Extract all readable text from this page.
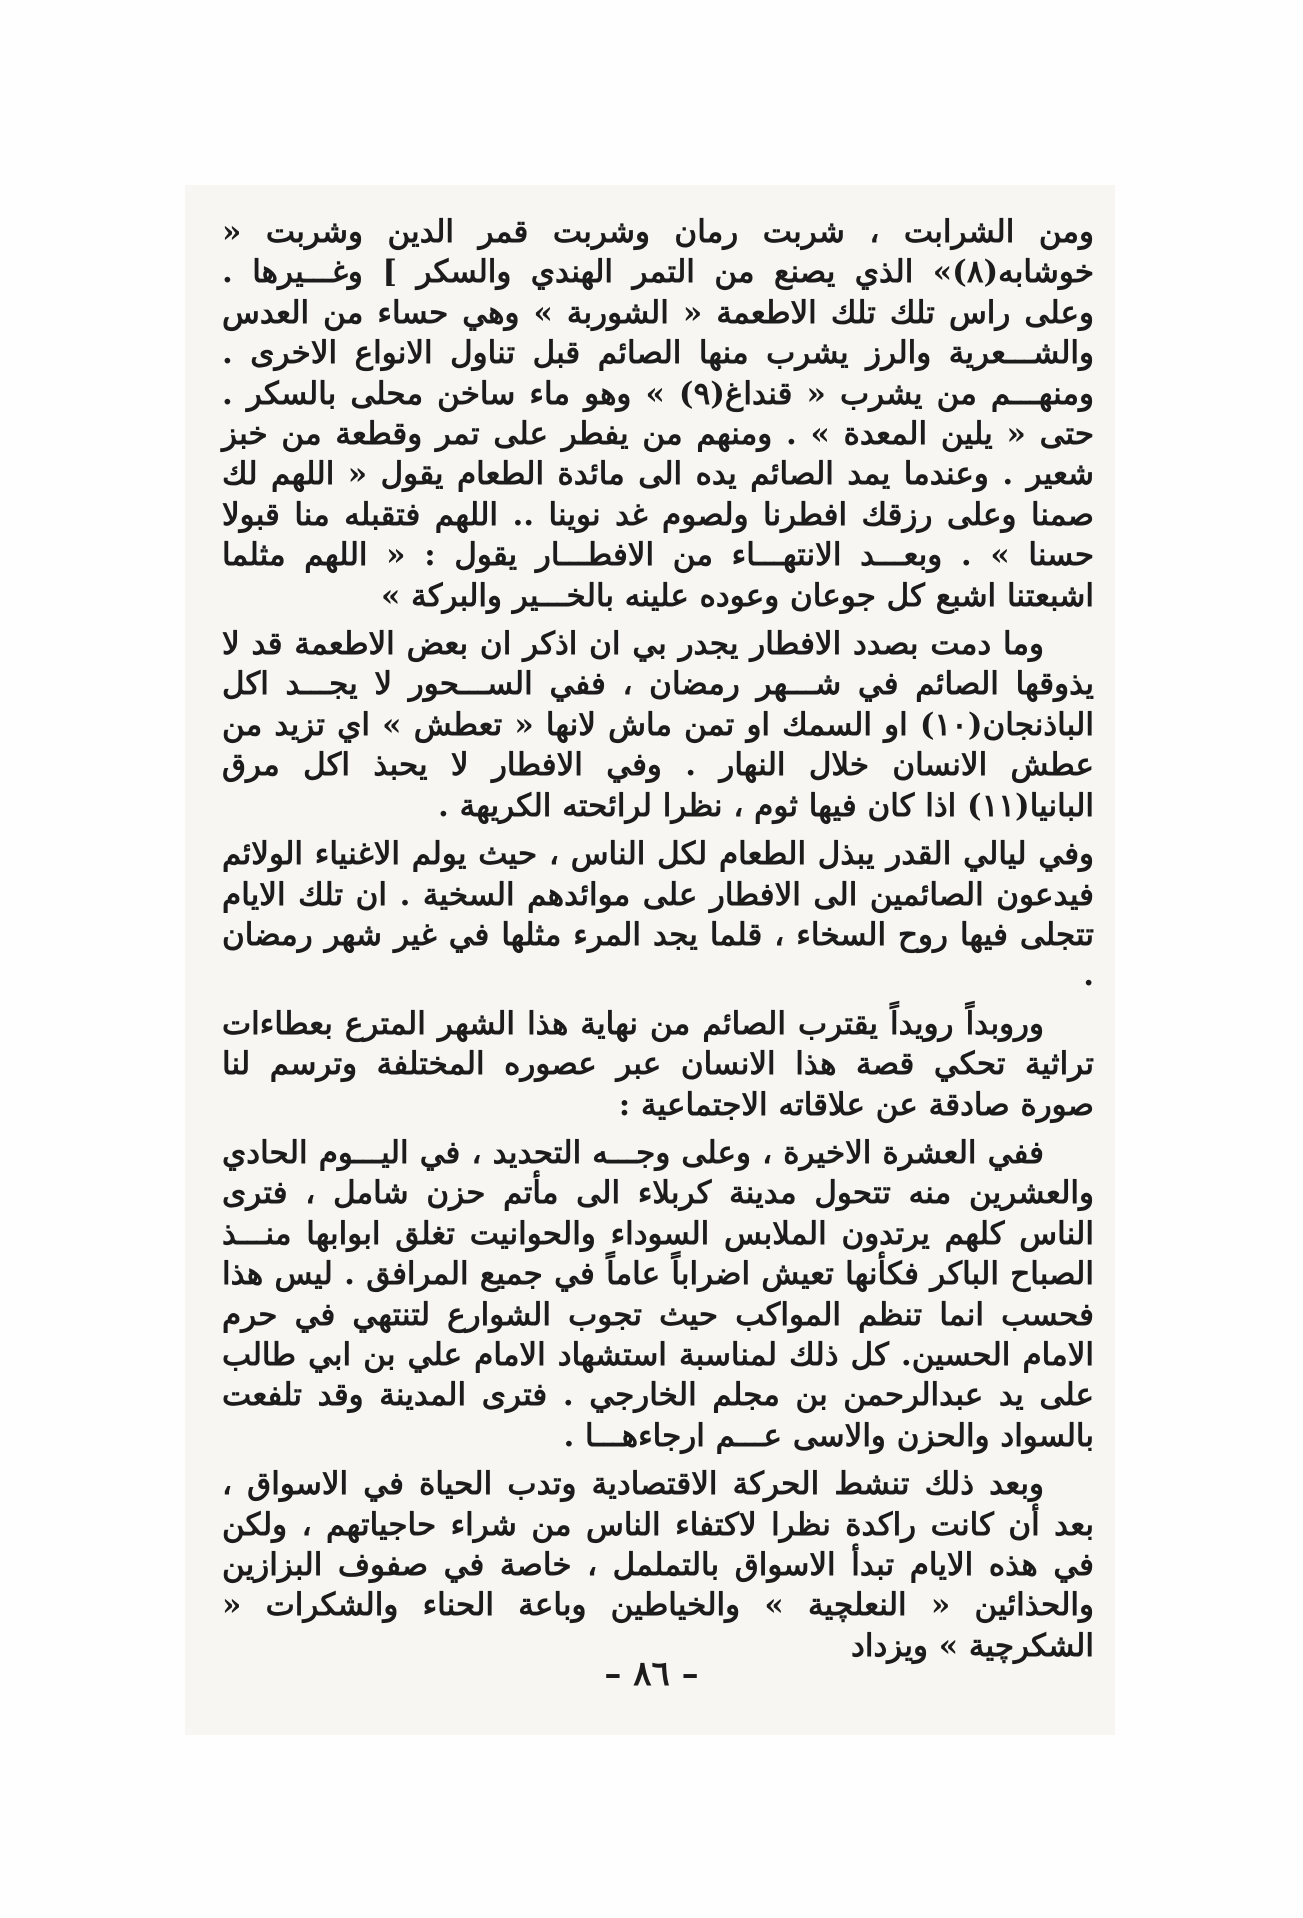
ومن الشرابت ، شربت رمان وشربت قمر الدين وشربت « خوشابه(٨)» الذي يصنع من التمر الهندي والسكر ] وغـــيرها . وعلى راس تلك تلك الاطعمة « الشوربة » وهي حساء من العدس والشـــعرية والرز يشرب منها الصائم قبل تناول الانواع الاخرى . ومنهـــم من يشرب « قنداغ(٩) » وهو ماء ساخن محلى بالسكر . حتى « يلين المعدة » . ومنهم من يفطر على تمر وقطعة من خبز شعير . وعندما يمد الصائم يده الى مائدة الطعام يقول « اللهم لك صمنا وعلى رزقك افطرنا ولصوم غد نوينا .. اللهم فتقبله منا قبولا حسنا » . وبعـــد الانتهـــاء من الافطـــار يقول : « اللهم مثلما اشبعتنا اشبع كل جوعان وعوده علينه بالخـــير والبركة »

وما دمت بصدد الافطار يجدر بي ان اذكر ان بعض الاطعمة قد لا يذوقها الصائم في شـــهر رمضان ، ففي الســـحور لا يجـــد اكل الباذنجان(١٠) او السمك او تمن ماش لانها « تعطش » اي تزيد من عطش الانسان خلال النهار . وفي الافطار لا يحبذ اكل مرق البانيا(١١) اذا كان فيها ثوم ، نظرا لرائحته الكريهة .

وفي ليالي القدر يبذل الطعام لكل الناس ، حيث يولم الاغنياء الولائم فيدعون الصائمين الى الافطار على موائدهم السخية . ان تلك الايام تتجلى فيها روح السخاء ، قلما يجد المرء مثلها في غير شهر رمضان .

وروبداً رويداً يقترب الصائم من نهاية هذا الشهر المترع بعطاءات تراثية تحكي قصة هذا الانسان عبر عصوره المختلفة وترسم لنا صورة صادقة عن علاقاته الاجتماعية :

ففي العشرة الاخيرة ، وعلى وجـــه التحديد ، في اليـــوم الحادي والعشرين منه تتحول مدينة كربلاء الى مأتم حزن شامل ، فترى الناس كلهم يرتدون الملابس السوداء والحوانيت تغلق ابوابها منـــذ الصباح الباكر فكأنها تعيش اضراباً عاماً في جميع المرافق . ليس هذا فحسب انما تنظم المواكب حيث تجوب الشوارع لتنتهي في حرم الامام الحسين. كل ذلك لمناسبة استشهاد الامام علي بن ابي طالب على يد عبدالرحمن بن مجلم الخارجي . فترى المدينة وقد تلفعت بالسواد والحزن والاسى عـــم ارجاءهـــا .

وبعد ذلك تنشط الحركة الاقتصادية وتدب الحياة في الاسواق ، بعد أن كانت راكدة نظرا لاكتفاء الناس من شراء حاجياتهم ، ولكن في هذه الايام تبدأ الاسواق بالتململ ، خاصة في صفوف البزازين والحذائين « النعلچية » والخياطين وباعة الحناء والشكرات « الشكرچية » ويزداد

– ٨٦ –
